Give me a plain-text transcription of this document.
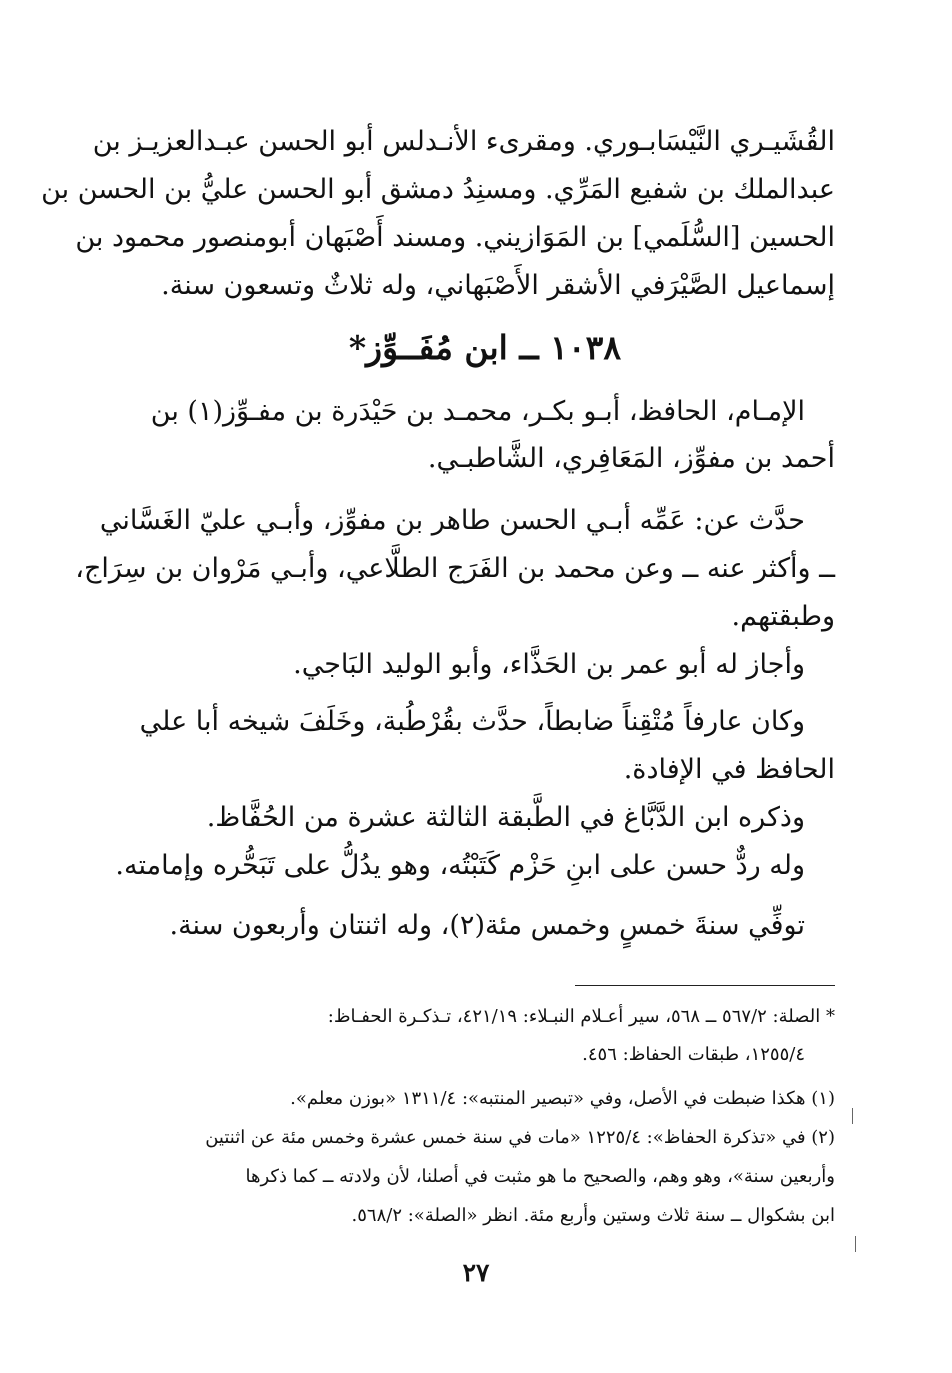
القُشَيـري النَّيْسَابـوري. ومقرىء الأنـدلس أبو الحسن عبـدالعزيـز بن
عبدالملك بن شفيع المَرِّي. ومسنِدُ دمشق أبو الحسن عليُّ بن الحسن بن
الحسين [السُّلَمي] بن المَوَازيني. ومسند أَصْبَهان أبومنصور محمود بن
إسماعيل الصَّيْرَفي الأشقر الأَصْبَهاني، وله ثلاثٌ وتسعون سنة.
١٠٣٨ ــ ابن مُفَــوِّز*
الإمـام، الحافظ، أبـو بكـر، محمـد بن حَيْدَرة بن مفـوِّز(١) بن
أحمد بن مفوِّز، المَعَافِري، الشَّاطبـي.
حدَّث عن: عَمِّه أبـي الحسن طاهر بن مفوِّز، وأبـي عليّ الغَسَّاني
ــ وأكثر عنه ــ وعن محمد بن الفَرَج الطلَّاعي، وأبـي مَرْوان بن سِرَاج،
وطبقتهم.
وأجاز له أبو عمر بن الحَذَّاء، وأبو الوليد البَاجي.
وكان عارفاً مُتْقِناً ضابطاً، حدَّث بقُرْطُبة، وخَلَفَ شيخه أبا علي
الحافظ في الإفادة.
وذكره ابن الدَّبَّاغ في الطَّبقة الثالثة عشرة من الحُفَّاظ.
وله ردٌّ حسن على ابنِ حَزْم كَتَبْتُه، وهو يدُلُّ على تَبَحُّره وإمامته.
توفِّي سنةَ خمسٍ وخمس مئة(٢)، وله اثنتان وأربعون سنة.
* الصلة: ٥٦٧/٢ ــ ٥٦٨، سير أعـلام النبـلاء: ٤٢١/١٩، تـذكـرة الحفـاظ:
١٢٥٥/٤، طبقات الحفاظ: ٤٥٦.
(١) هكذا ضبطت في الأصل، وفي «تبصير المنتبه»: ١٣١١/٤ «بوزن معلم».
(٢) في «تذكرة الحفاظ»: ١٢٢٥/٤ «مات في سنة خمس عشرة وخمس مئة عن اثنتين
وأربعين سنة»، وهو وهم، والصحيح ما هو مثبت في أصلنا، لأن ولادته ــ كما ذكرها
ابن بشكوال ــ سنة ثلاث وستين وأربع مئة. انظر «الصلة»: ٥٦٨/٢.
٢٧
